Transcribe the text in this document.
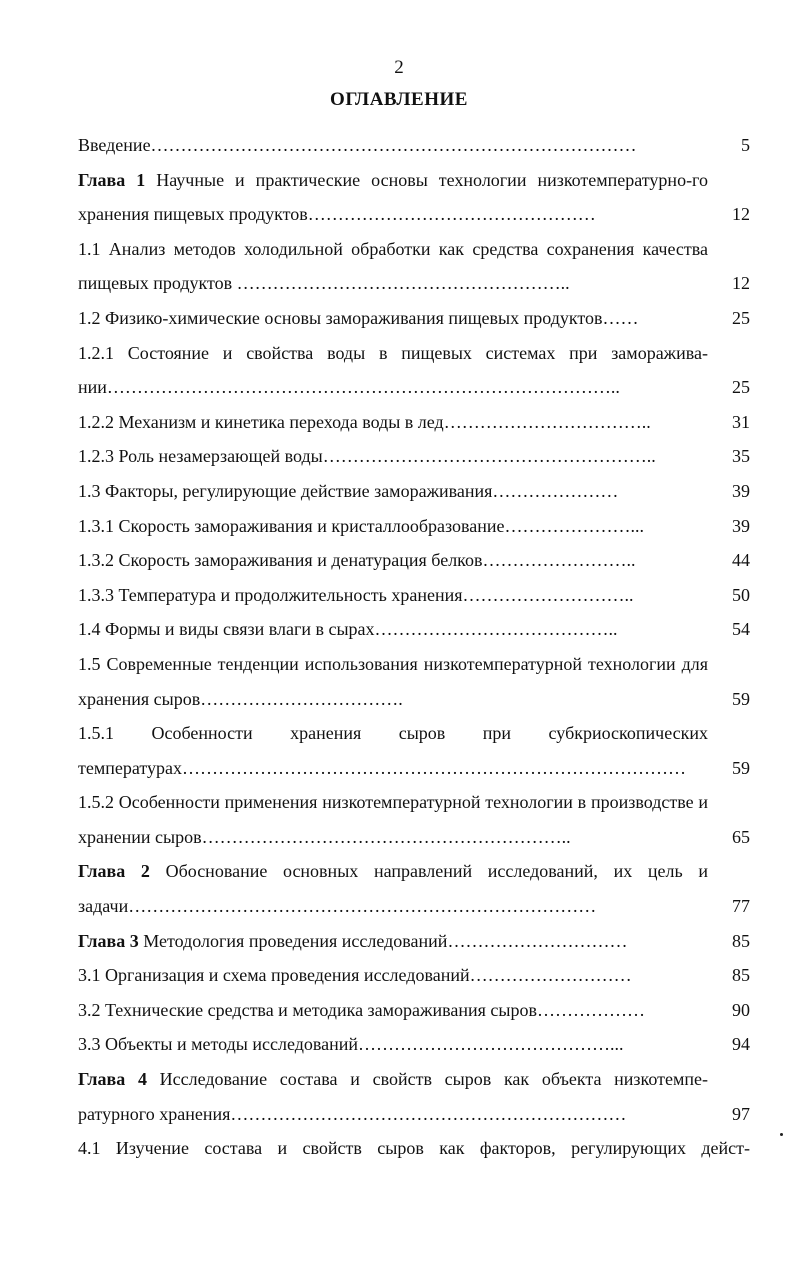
2
ОГЛАВЛЕНИЕ
Введение………………………………………………………………………	5
Глава 1 Научные и практические основы технологии низкотемпературно-го хранения пищевых продуктов…………………………………………	12
1.1 Анализ методов холодильной обработки как средства сохранения качества пищевых продуктов ………………………………………………..	12
1.2 Физико-химические основы замораживания пищевых продуктов……	25
1.2.1 Состояние и свойства воды в пищевых системах при заморажива-нии…………………………………………………………………………..	25
1.2.2 Механизм и кинетика перехода воды в лед……………………………..	31
1.2.3 Роль незамерзающей воды………………………………………………..	35
1.3 Факторы, регулирующие действие замораживания…………………	39
1.3.1 Скорость замораживания и кристаллообразование…………………...	39
1.3.2 Скорость замораживания и денатурация белков……………………..	44
1.3.3 Температура и продолжительность хранения………………………..	50
1.4 Формы и виды связи влаги в сырах…………………………………..	54
1.5 Современные тенденции использования низкотемпературной технологии для хранения сыров…………………………….	59
1.5.1 Особенности хранения сыров при субкриоскопических температурах…………………………………………………………………………	59
1.5.2 Особенности применения низкотемпературной технологии в производстве и хранении сыров……………………………………………………..	65
Глава 2 Обоснование основных направлений исследований, их цель и задачи……………………………………………………………………	77
Глава 3 Методология проведения исследований…………………………	85
3.1 Организация и схема проведения исследований………………………	85
3.2 Технические средства и методика замораживания сыров………………	90
3.3 Объекты и методы исследований……………………………………...	94
Глава 4 Исследование состава и свойств сыров как объекта низкотемпе-ратурного хранения…………………………………………………………	97
4.1 Изучение состава и свойств сыров как факторов, регулирующих дейст-
